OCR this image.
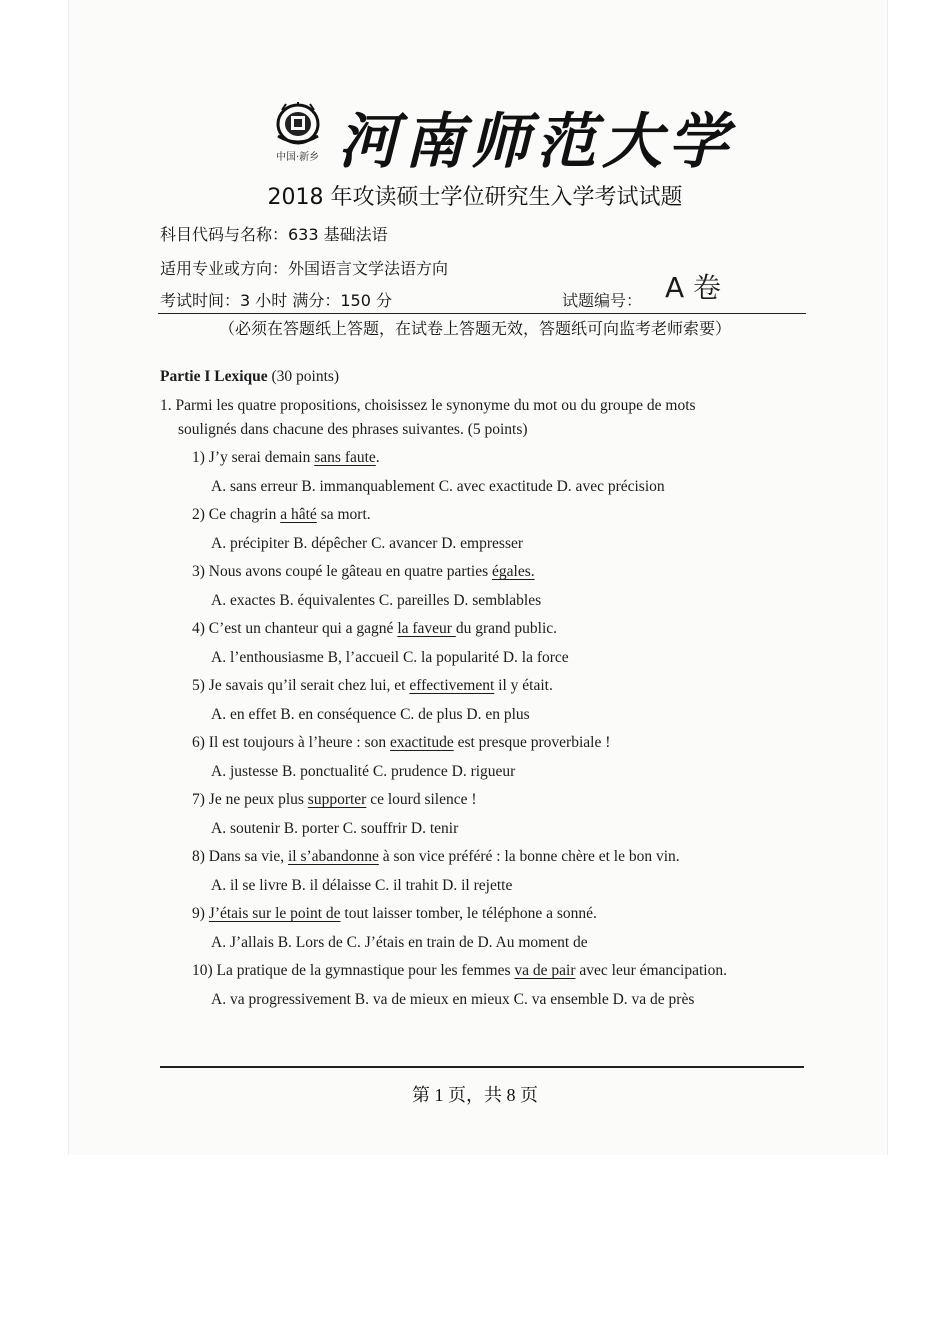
中国·新乡 河南师范大学
2018 年攻读硕士学位研究生入学考试试题
科目代码与名称：633 基础法语
适用专业或方向：外国语言文学法语方向
考试时间：3 小时 满分：150 分	试题编号： A 卷
（必须在答题纸上答题，在试卷上答题无效，答题纸可向监考老师索要）
Partie I Lexique (30 points)
1. Parmi les quatre propositions, choisissez le synonyme du mot ou du groupe de mots
soulignés dans chacune des phrases suivantes. (5 points)
1) J’y serai demain sans faute.
A. sans erreur B. immanquablement C. avec exactitude D. avec précision
2) Ce chagrin a hâté sa mort.
A. précipiter B. dépêcher C. avancer D. empresser
3) Nous avons coupé le gâteau en quatre parties égales.
A. exactes B. équivalentes C. pareilles D. semblables
4) C’est un chanteur qui a gagné la faveur du grand public.
A. l’enthousiasme B, l’accueil C. la popularité D. la force
5) Je savais qu’il serait chez lui, et effectivement il y était.
A. en effet B. en conséquence C. de plus D. en plus
6) Il est toujours à l’heure : son exactitude est presque proverbiale !
A. justesse B. ponctualité C. prudence D. rigueur
7) Je ne peux plus supporter ce lourd silence !
A. soutenir B. porter C. souffrir D. tenir
8) Dans sa vie, il s’abandonne à son vice préféré : la bonne chère et le bon vin.
A. il se livre B. il délaisse C. il trahit D. il rejette
9) J’étais sur le point de tout laisser tomber, le téléphone a sonné.
A. J’allais B. Lors de C. J’étais en train de D. Au moment de
10) La pratique de la gymnastique pour les femmes va de pair avec leur émancipation.
A. va progressivement B. va de mieux en mieux C. va ensemble D. va de près
第 1 页，共 8 页
